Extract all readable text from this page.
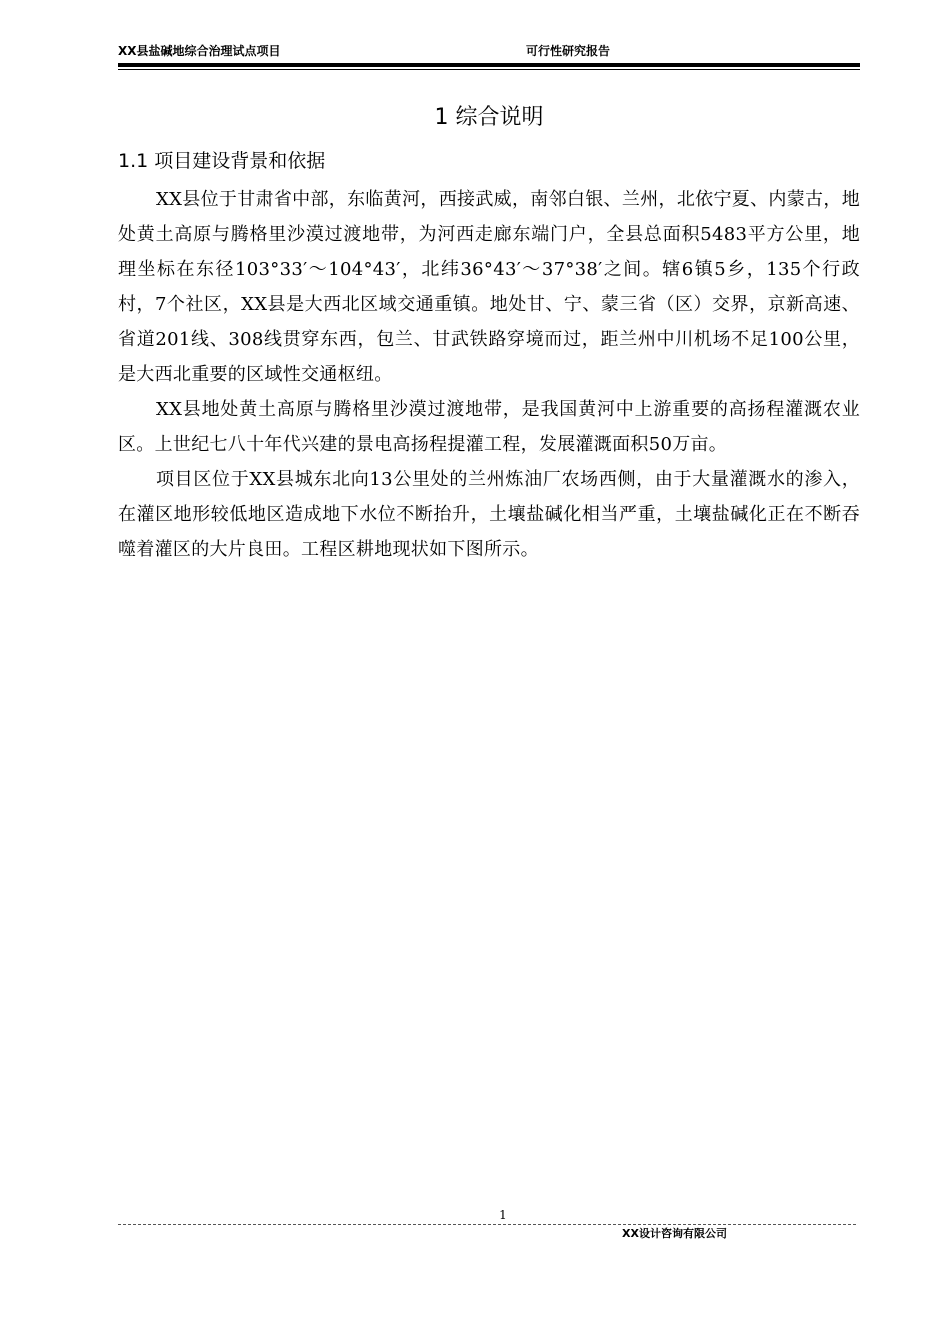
XX县盐碱地综合治理试点项目	可行性研究报告
1 综合说明
1.1 项目建设背景和依据

XX县位于甘肃省中部，东临黄河，西接武威，南邻白银、兰州，北依宁夏、内蒙古，地处黄土高原与腾格里沙漠过渡地带，为河西走廊东端门户，全县总面积5483平方公里，地理坐标在东径103°33′～104°43′，北纬36°43′～37°38′之间。辖6镇5乡，135个行政村，7个社区，XX县是大西北区域交通重镇。地处甘、宁、蒙三省（区）交界，京新高速、省道201线、308线贯穿东西，包兰、甘武铁路穿境而过，距兰州中川机场不足100公里，是大西北重要的区域性交通枢纽。

XX县地处黄土高原与腾格里沙漠过渡地带，是我国黄河中上游重要的高扬程灌溉农业区。上世纪七八十年代兴建的景电高扬程提灌工程，发展灌溉面积50万亩。

项目区位于XX县城东北向13公里处的兰州炼油厂农场西侧，由于大量灌溉水的渗入，在灌区地形较低地区造成地下水位不断抬升，土壤盐碱化相当严重，土壤盐碱化正在不断吞噬着灌区的大片良田。工程区耕地现状如下图所示。

1
XX设计咨询有限公司
